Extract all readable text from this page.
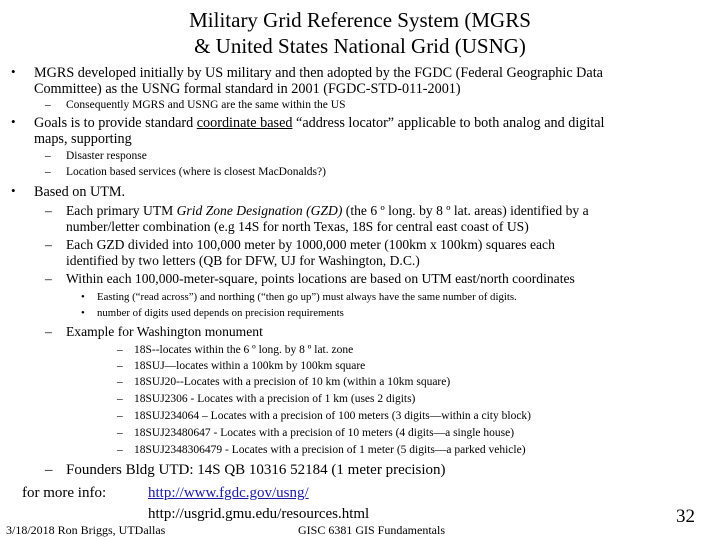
Military Grid Reference System (MGRS
& United States National Grid (USNG)
• MGRS developed initially by US military and then adopted by the FGDC (Federal Geographic Data
Committee) as the USNG formal standard in 2001 (FGDC-STD-011-2001)
– Consequently MGRS and USNG are the same within the US
• Goals is to provide standard coordinate based “address locator” applicable to both analog and digital
maps, supporting
– Disaster response
– Location based services (where is closest MacDonalds?)
• Based on UTM.
– Each primary UTM Grid Zone Designation (GZD) (the 6 º long. by 8 º lat. areas) identified by a
number/letter combination (e.g 14S for north Texas, 18S for central east coast of US)
– Each GZD divided into 100,000 meter by 1000,000 meter (100km x 100km) squares each
identified by two letters (QB for DFW, UJ for Washington, D.C.)
– Within each 100,000-meter-square, points locations are based on UTM east/north coordinates
• Easting (“read across”) and northing (“then go up”) must always have the same number of digits.
• number of digits used depends on precision requirements
– Example for Washington monument
– 18S--locates within the 6 º long. by 8 º lat. zone
– 18SUJ—locates within a 100km by 100km square
– 18SUJ20--Locates with a precision of 10 km (within a 10km square)
– 18SUJ2306 - Locates with a precision of 1 km (uses 2 digits)
– 18SUJ234064 – Locates with a precision of 100 meters (3 digits—within a city block)
– 18SUJ23480647 - Locates with a precision of 10 meters (4 digits—a single house)
– 18SUJ2348306479 - Locates with a precision of 1 meter (5 digits—a parked vehicle)
– Founders Bldg UTD: 14S QB 10316 52184 (1 meter precision)
for more info:	http://www.fgdc.gov/usng/
http://usgrid.gmu.edu/resources.html
3/18/2018 Ron Briggs, UTDallas	GISC 6381 GIS Fundamentals
32
